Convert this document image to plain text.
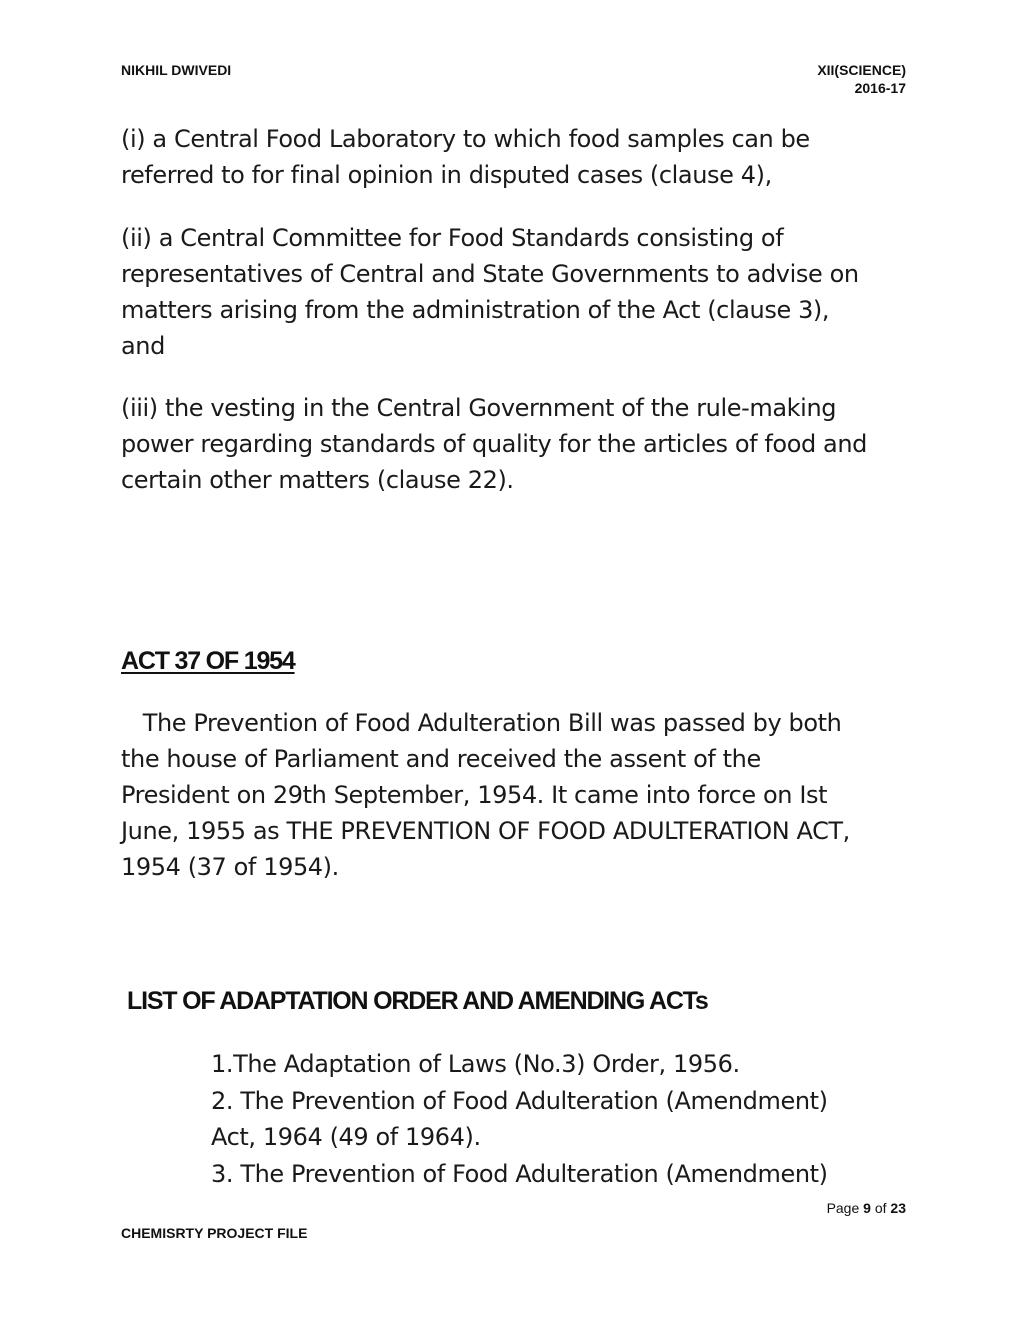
NIKHIL DWIVEDI	XII(SCIENCE)
2016-17

(i) a Central Food Laboratory to which food samples can be
referred to for final opinion in disputed cases (clause 4),

(ii) a Central Committee for Food Standards consisting of
representatives of Central and State Governments to advise on
matters arising from the administration of the Act (clause 3),
and

(iii) the vesting in the Central Government of the rule-making
power regarding standards of quality for the articles of food and
certain other matters (clause 22).

ACT 37 OF 1954

The Prevention of Food Adulteration Bill was passed by both
the house of Parliament and received the assent of the
President on 29th September, 1954. It came into force on Ist
June, 1955 as THE PREVENTION OF FOOD ADULTERATION ACT,
1954 (37 of 1954).

LIST OF ADAPTATION ORDER AND AMENDING ACTs
1.The Adaptation of Laws (No.3) Order, 1956.
2. The Prevention of Food Adulteration (Amendment)
Act, 1964 (49 of 1964).
3. The Prevention of Food Adulteration (Amendment)
Page 9 of 23
CHEMISRTY PROJECT FILE
